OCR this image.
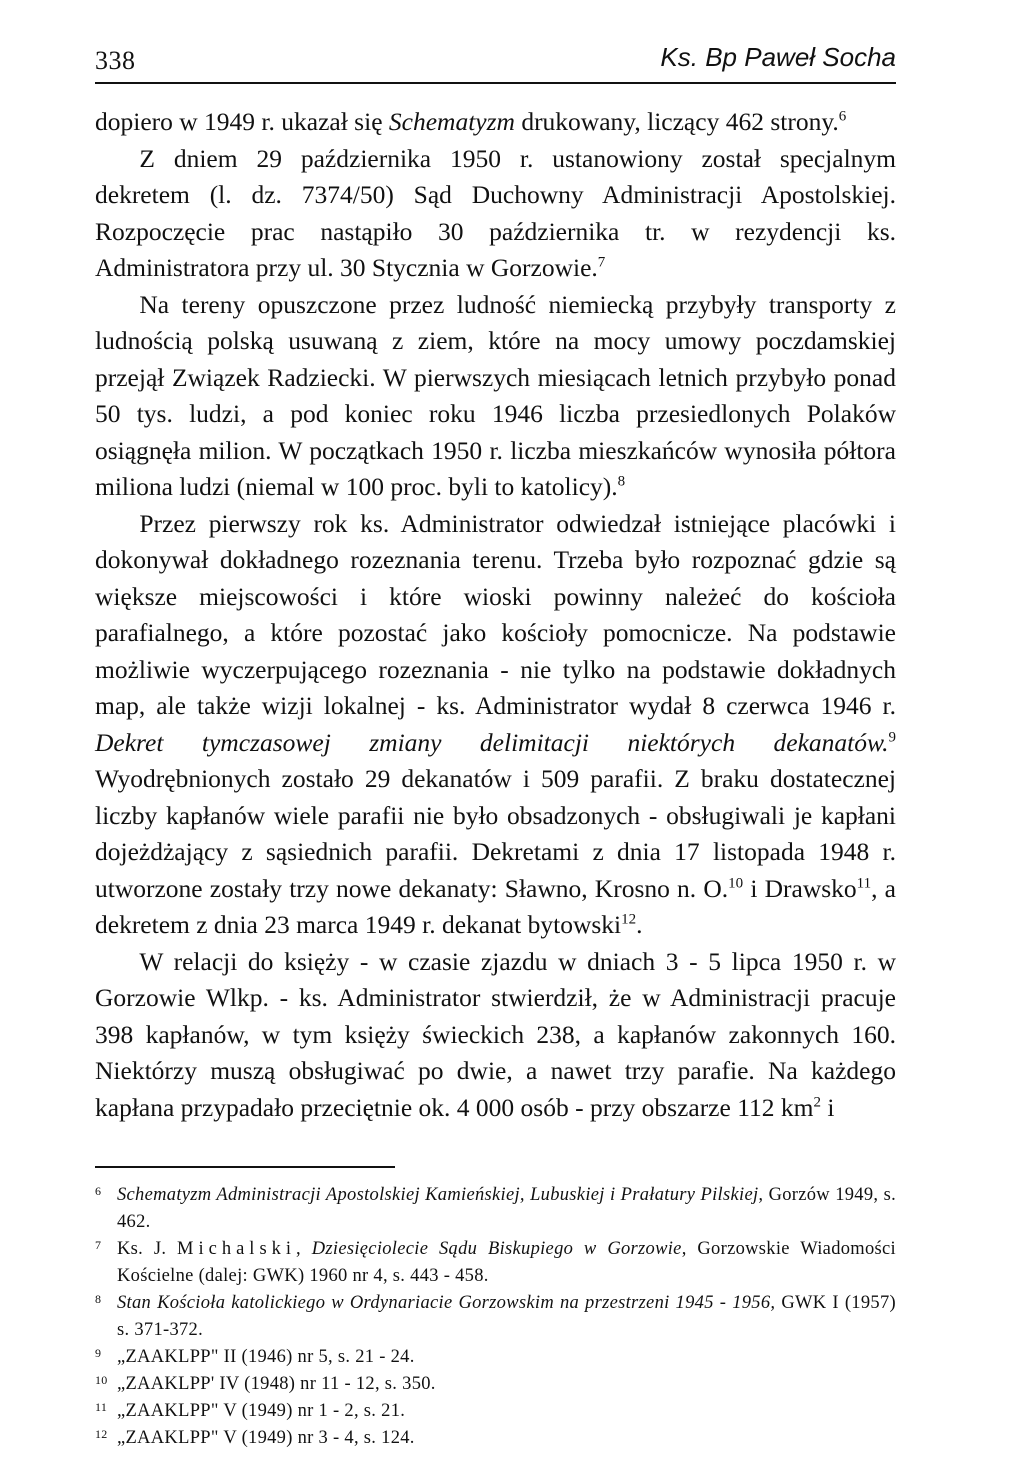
338	Ks. Bp Paweł Socha

dopiero w 1949 r. ukazał się Schematyzm drukowany, liczący 462 strony.$^6$

Z dniem 29 października 1950 r. ustanowiony został specjalnym dekretem (l. dz. 7374/50) Sąd Duchowny Administracji Apostolskiej. Rozpoczęcie prac nastąpiło 30 października tr. w rezydencji ks. Administratora przy ul. 30 Stycznia w Gorzowie.$^7$

Na tereny opuszczone przez ludność niemiecką przybyły transporty z ludnością polską usuwaną z ziem, które na mocy umowy poczdamskiej przejął Związek Radziecki. W pierwszych miesiącach letnich przybyło ponad 50 tys. ludzi, a pod koniec roku 1946 liczba przesiedlonych Polaków osiągnęła milion. W początkach 1950 r. liczba mieszkańców wynosiła półtora miliona ludzi (niemal w 100 proc. byli to katolicy).$^8$

Przez pierwszy rok ks. Administrator odwiedzał istniejące placówki i dokonywał dokładnego rozeznania terenu. Trzeba było rozpoznać gdzie są większe miejscowości i które wioski powinny należeć do kościoła parafialnego, a które pozostać jako kościoły pomocnicze. Na podstawie możliwie wyczerpującego rozeznania - nie tylko na podstawie dokładnych map, ale także wizji lokalnej - ks. Administrator wydał 8 czerwca 1946 r. Dekret tymczasowej zmiany delimitacji niektórych dekanatów.$^9$ Wyodrębnionych zostało 29 dekanatów i 509 parafii. Z braku dostatecznej liczby kapłanów wiele parafii nie było obsadzonych - obsługiwali je kapłani dojeżdżający z sąsiednich parafii. Dekretami z dnia 17 listopada 1948 r. utworzone zostały trzy nowe dekanaty: Sławno, Krosno n. O.$^{10}$ i Drawsko$^{11}$, a dekretem z dnia 23 marca 1949 r. dekanat bytowski$^{12}$.

W relacji do księży - w czasie zjazdu w dniach 3 - 5 lipca 1950 r. w Gorzowie Wlkp. - ks. Administrator stwierdził, że w Administracji pracuje 398 kapłanów, w tym księży świeckich 238, a kapłanów zakonnych 160. Niektórzy muszą obsługiwać po dwie, a nawet trzy parafie. Na każdego kapłana przypadało przeciętnie ok. 4 000 osób - przy obszarze 112 $km^2$ i

6 Schematyzm Administracji Apostolskiej Kamieńskiej, Lubuskiej i Prałatury Pilskiej, Gorzów 1949, s. 462.
7 Ks. J. Michalski, Dziesięciolecie Sądu Biskupiego w Gorzowie, Gorzowskie Wiadomości Kościelne (dalej: GWK) 1960 nr 4, s. 443 - 458.
8 Stan Kościoła katolickiego w Ordynariacie Gorzowskim na przestrzeni 1945 - 1956, GWK I (1957) s. 371-372.
9 „ZAAKLPP" II (1946) nr 5, s. 21 - 24.
10 „ZAAKLPP' IV (1948) nr 11 - 12, s. 350.
11 „ZAAKLPP" V (1949) nr 1 - 2, s. 21.
12 „ZAAKLPP" V (1949) nr 3 - 4, s. 124.
